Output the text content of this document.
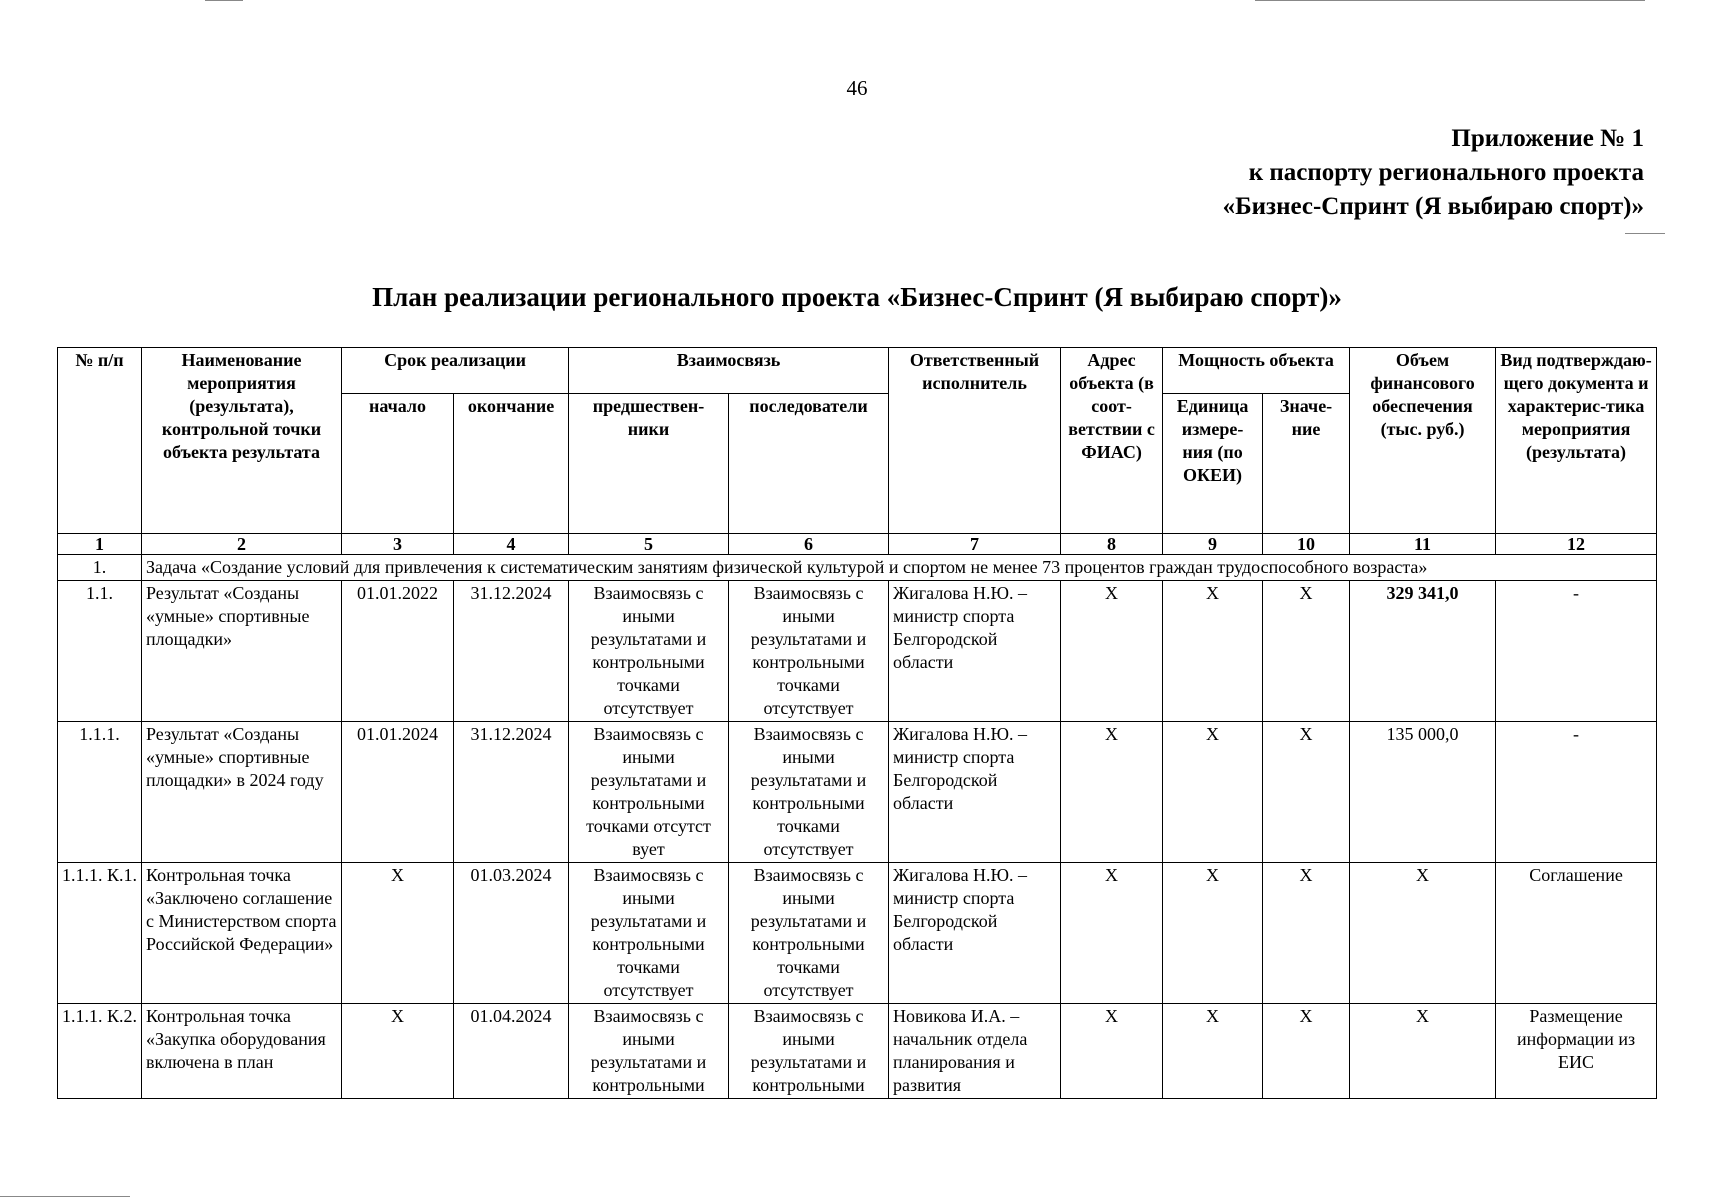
46
Приложение № 1
к паспорту регионального проекта
«Бизнес-Спринт (Я выбираю спорт)»
План реализации регионального проекта «Бизнес-Спринт (Я выбираю спорт)»
№ п/п	Наименование мероприятия (результата), контрольной точки объекта результата	Срок реализации		Взаимосвязь		Ответственный исполнитель	Адрес объекта (в соот-ветствии с ФИАС)	Мощность объекта		Объем финансового обеспечения (тыс. руб.)	Вид подтверждаю-щего документа и характерис-тика мероприятия (результата)
		начало	окончание	предшествен-ники	последователи			Единица измере-ния (по ОКЕИ)	Значе-ние		
1	2	3	4	5	6	7	8	9	10	11	12
1.	Задача «Создание условий для привлечения к систематическим занятиям физической культурой и спортом не менее 73 процентов граждан трудоспособного возраста»										
1.1.	Результат «Созданы «умные» спортивные площадки»	01.01.2022	31.12.2024	Взаимосвязь с иными результатами и контрольными точками отсутствует	Взаимосвязь с иными результатами и контрольными точками отсутствует	Жигалова Н.Ю. – министр спорта Белгородской области	X	X	X	329 341,0	-
1.1.1.	Результат «Созданы «умные» спортивные площадки» в 2024 году	01.01.2024	31.12.2024	Взаимосвязь с иными результатами и контрольными точками отсутст вует	Взаимосвязь с иными результатами и контрольными точками отсутствует	Жигалова Н.Ю. – министр спорта Белгородской области	X	X	X	135 000,0	-
1.1.1. К.1.	Контрольная точка «Заключено соглашение с Министерством спорта Российской Федерации»	X	01.03.2024	Взаимосвязь с иными результатами и контрольными точками отсутствует	Взаимосвязь с иными результатами и контрольными точками отсутствует	Жигалова Н.Ю. – министр спорта Белгородской области	X	X	X	X	Соглашение
1.1.1. К.2.	Контрольная точка «Закупка оборудования включена в план	X	01.04.2024	Взаимосвязь с иными результатами и контрольными	Взаимосвязь с иными результатами и контрольными	Новикова И.А. – начальник отдела планирования и развития	X	X	X	X	Размещение информации из ЕИС
